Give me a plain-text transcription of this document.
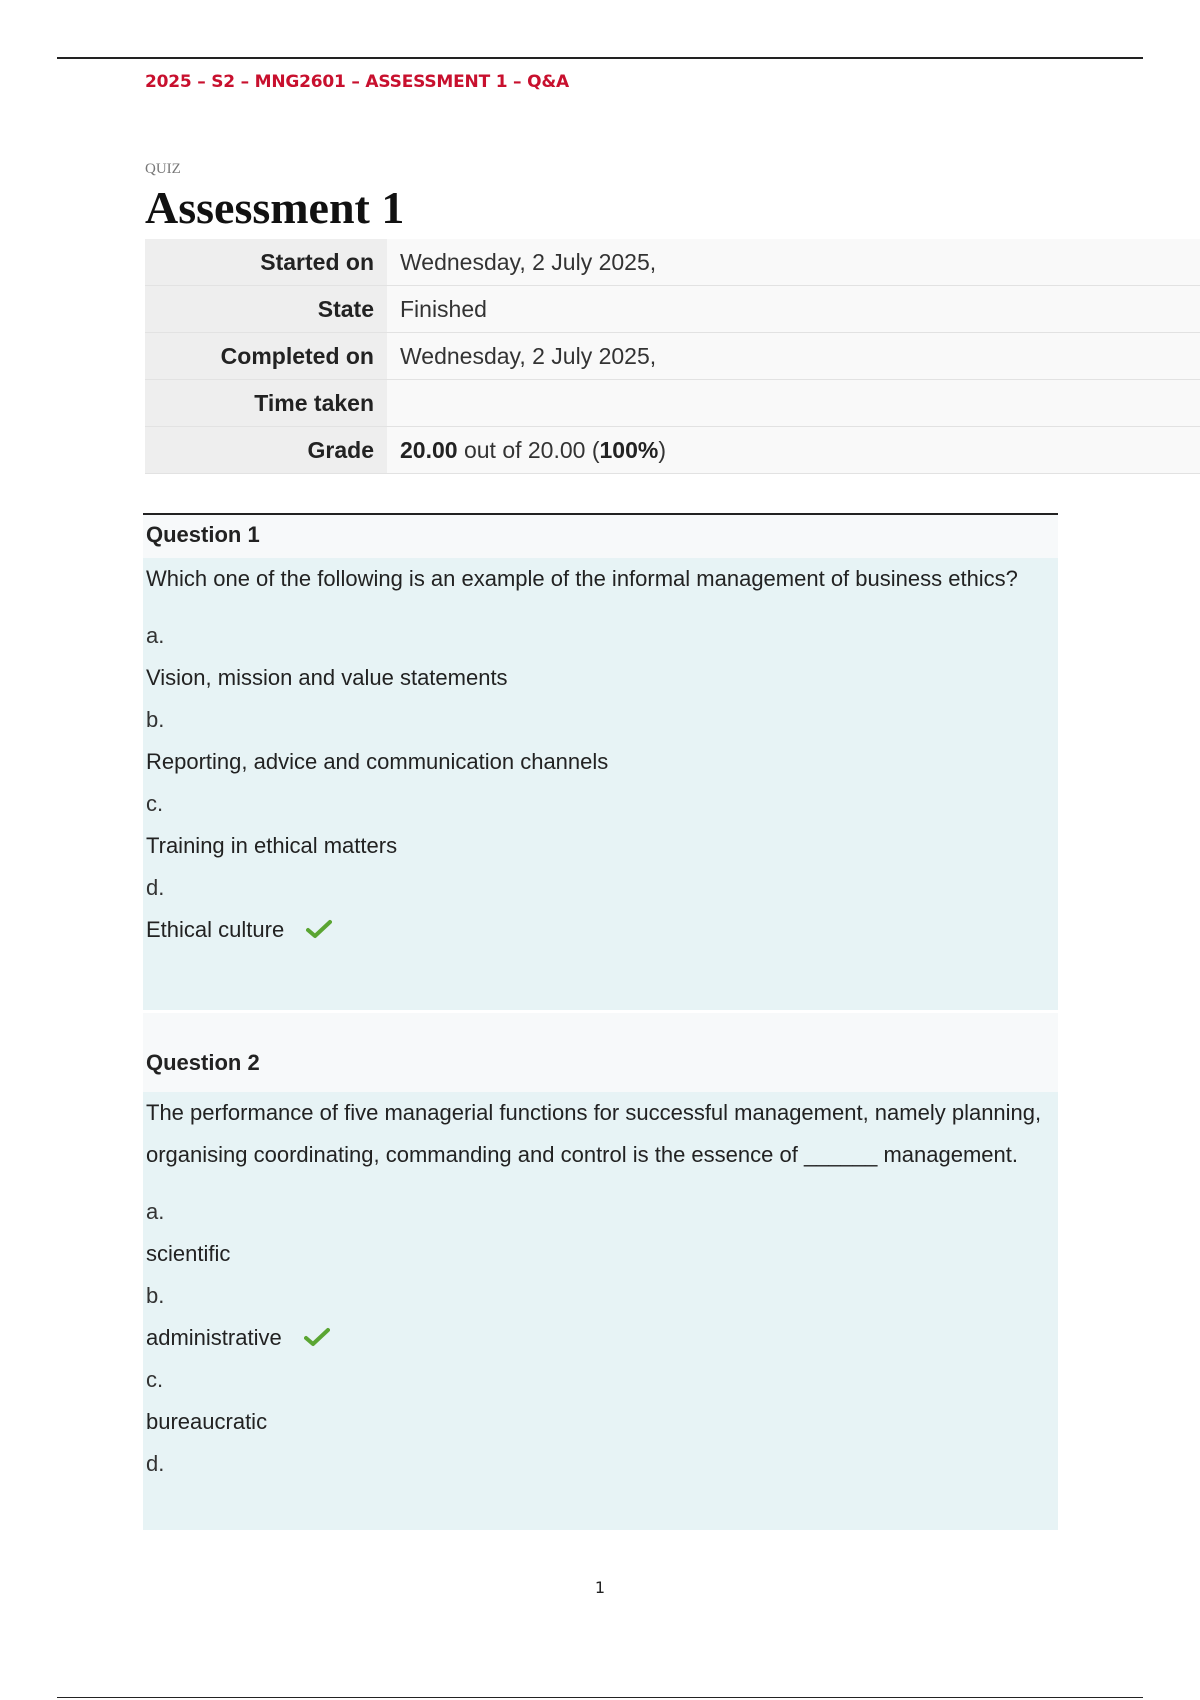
2025 – S2 – MNG2601 – ASSESSMENT 1 – Q&A
QUIZ
Assessment 1
Started on	Wednesday, 2 July 2025,
State	Finished
Completed on	Wednesday, 2 July 2025,
Time taken	
Grade	20.00 out of 20.00 (100%)
Question 1

Which one of the following is an example of the informal management of business ethics?

a.
Vision, mission and value statements
b.
Reporting, advice and communication channels
c.
Training in ethical matters
d.
Ethical culture
Question 2

The performance of five managerial functions for successful management, namely planning, organising coordinating, commanding and control is the essence of ______ management.

a.
scientific
b.
administrative
c.
bureaucratic
d.
1
